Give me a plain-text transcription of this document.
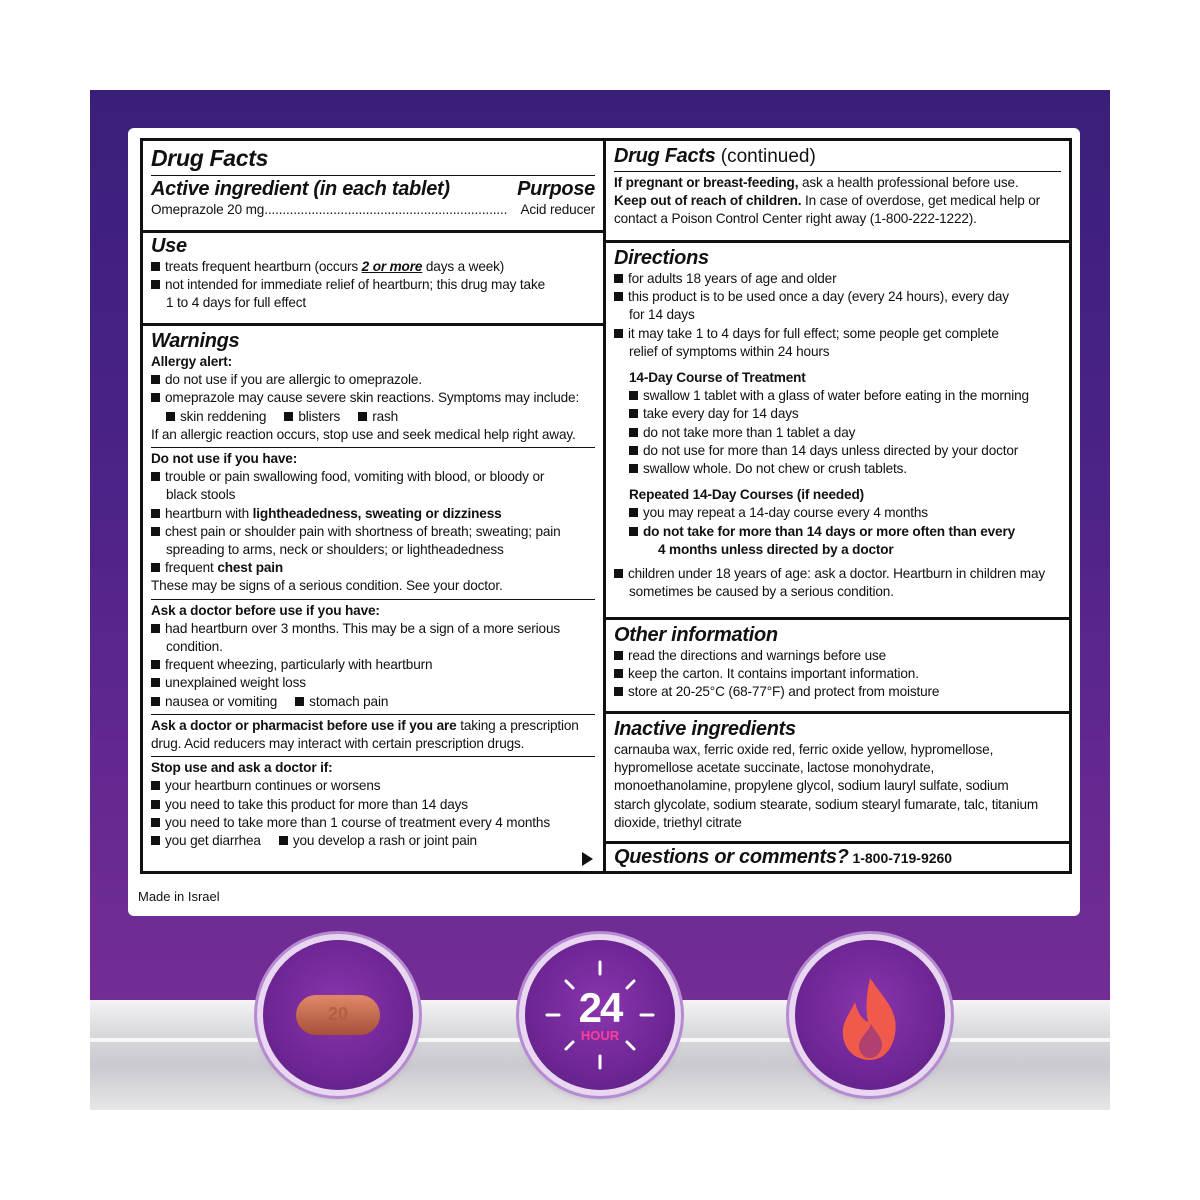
Drug Facts
Active ingredient (in each tablet)	Purpose
Omeprazole 20 mg ................................................................... Acid reducer
Use
treats frequent heartburn (occurs 2 or more days a week)
not intended for immediate relief of heartburn; this drug may take
1 to 4 days for full effect
Warnings
Allergy alert:
do not use if you are allergic to omeprazole.
omeprazole may cause severe skin reactions. Symptoms may include:
skin reddening blisters rash
If an allergic reaction occurs, stop use and seek medical help right away.
Do not use if you have:
trouble or pain swallowing food, vomiting with blood, or bloody or
black stools
heartburn with lightheadedness, sweating or dizziness
chest pain or shoulder pain with shortness of breath; sweating; pain
spreading to arms, neck or shoulders; or lightheadedness
frequent chest pain
These may be signs of a serious condition. See your doctor.
Ask a doctor before use if you have:
had heartburn over 3 months. This may be a sign of a more serious
condition.
frequent wheezing, particularly with heartburn
unexplained weight loss
nausea or vomiting stomach pain
Ask a doctor or pharmacist before use if you are taking a prescription
drug. Acid reducers may interact with certain prescription drugs.
Stop use and ask a doctor if:
your heartburn continues or worsens
you need to take this product for more than 14 days
you need to take more than 1 course of treatment every 4 months
you get diarrhea you develop a rash or joint pain
Drug Facts (continued)
If pregnant or breast-feeding, ask a health professional before use.
Keep out of reach of children. In case of overdose, get medical help or
contact a Poison Control Center right away (1-800-222-1222).
Directions
for adults 18 years of age and older
this product is to be used once a day (every 24 hours), every day
for 14 days
it may take 1 to 4 days for full effect; some people get complete
relief of symptoms within 24 hours
14-Day Course of Treatment
swallow 1 tablet with a glass of water before eating in the morning
take every day for 14 days
do not take more than 1 tablet a day
do not use for more than 14 days unless directed by your doctor
swallow whole. Do not chew or crush tablets.
Repeated 14-Day Courses (if needed)
you may repeat a 14-day course every 4 months
do not take for more than 14 days or more often than every
4 months unless directed by a doctor
children under 18 years of age: ask a doctor. Heartburn in children may
sometimes be caused by a serious condition.
Other information
read the directions and warnings before use
keep the carton. It contains important information.
store at 20-25°C (68-77°F) and protect from moisture
Inactive ingredients
carnauba wax, ferric oxide red, ferric oxide yellow, hypromellose,
hypromellose acetate succinate, lactose monohydrate,
monoethanolamine, propylene glycol, sodium lauryl sulfate, sodium
starch glycolate, sodium stearate, sodium stearyl fumarate, talc, titanium
dioxide, triethyl citrate
Questions or comments? 1-800-719-9260
Made in Israel
20	24
HOUR
